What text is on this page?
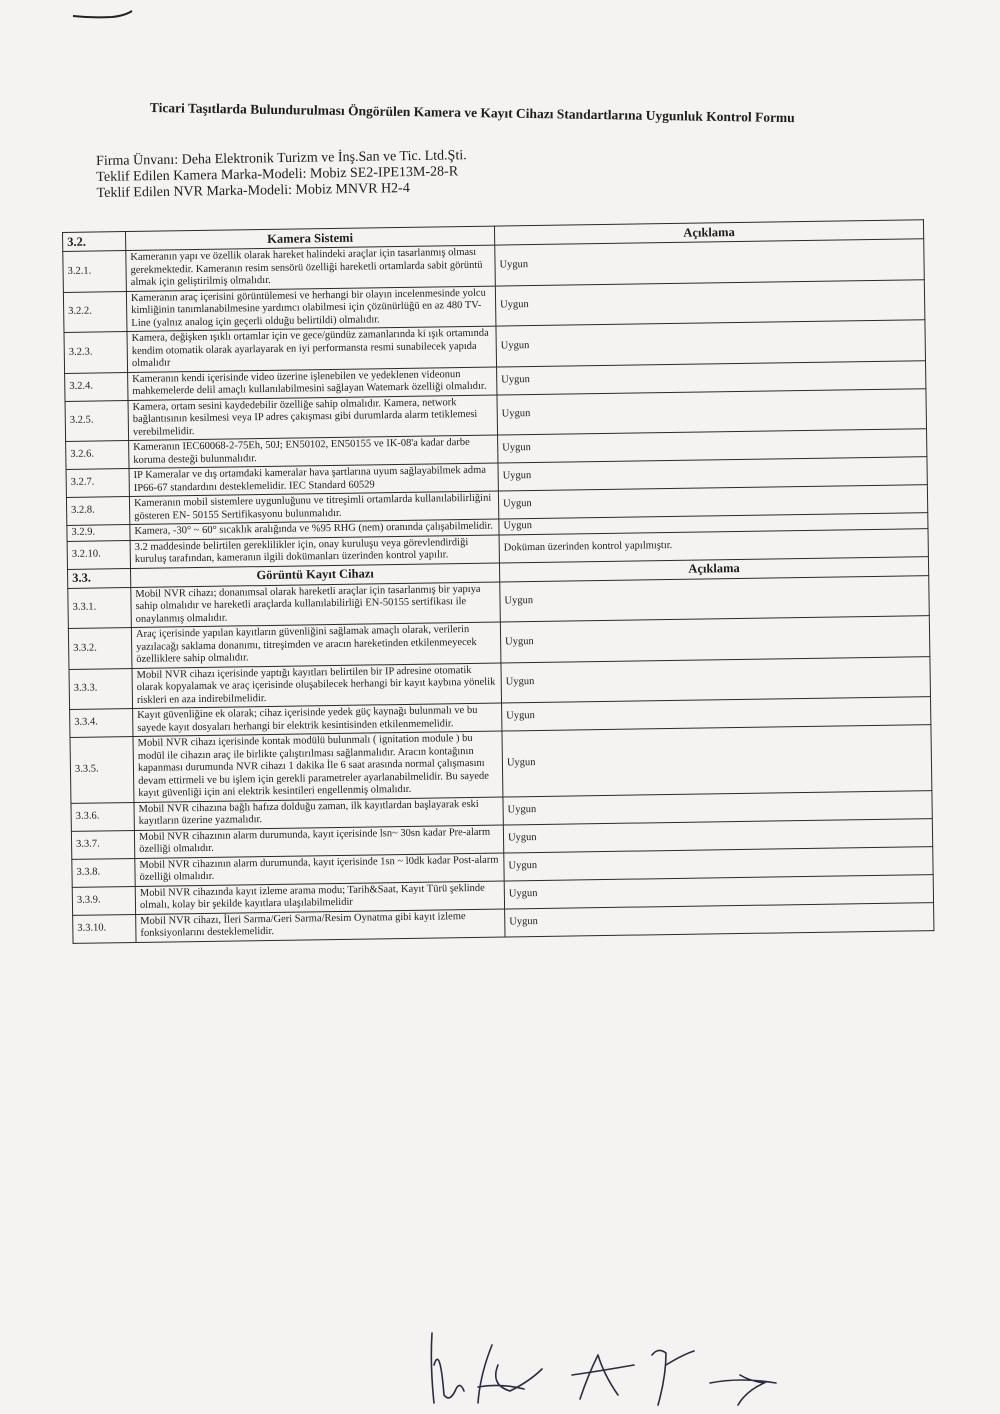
Ticari Taşıtlarda Bulundurulması Öngörülen Kamera ve Kayıt Cihazı Standartlarına Uygunluk Kontrol Formu
Firma Ünvanı: Deha Elektronik Turizm ve İnş.San ve Tic. Ltd.Şti.
Teklif Edilen Kamera Marka-Modeli: Mobiz SE2-IPE13M-28-R
Teklif Edilen NVR Marka-Modeli: Mobiz MNVR H2-4
3.2.	Kamera Sistemi	Açıklama
3.2.1.	Kameranın yapı ve özellik olarak hareket halindeki araçlar için tasarlanmış olması gerekmektedir. Kameranın resim sensörü özelliği hareketli ortamlarda sabit görüntü almak için geliştirilmiş olmalıdır.	Uygun
3.2.2.	Kameranın araç içerisini görüntülemesi ve herhangi bir olayın incelenmesinde yolcu kimliğinin tanımlanabilmesine yardımcı olabilmesi için çözünürlüğü en az 480 TV-Line (yalnız analog için geçerli olduğu belirtildi) olmalıdır.	Uygun
3.2.3.	Kamera, değişken ışıklı ortamlar için ve gece/gündüz zamanlarında ki ışık ortamında kendim otomatik olarak ayarlayarak en iyi performansta resmi sunabilecek yapıda olmalıdır	Uygun
3.2.4.	Kameranın kendi içerisinde video üzerine işlenebilen ve yedeklenen videonun mahkemelerde delil amaçlı kullanılabilmesini sağlayan Watemark özelliği olmalıdır.	Uygun
3.2.5.	Kamera, ortam sesini kaydedebilir özelliğe sahip olmalıdır. Kamera, network bağlantısının kesilmesi veya IP adres çakışması gibi durumlarda alarm tetiklemesi verebilmelidir.	Uygun
3.2.6.	Kameranın IEC60068-2-75Eh, 50J; EN50102, EN50155 ve IK-08'a kadar darbe koruma desteği bulunmalıdır.	Uygun
3.2.7.	IP Kameralar ve dış ortamdaki kameralar hava şartlarına uyum sağlayabilmek adma IP66-67 standardını desteklemelidir. IEC Standard 60529	Uygun
3.2.8.	Kameranın mobil sistemlere uygunluğunu ve titreşimli ortamlarda kullanılabilirliğini gösteren EN- 50155 Sertifikasyonu bulunmalıdır.	Uygun
3.2.9.	Kamera, -30° ~ 60° sıcaklık aralığında ve %95 RHG (nem) oranında çalışabilmelidir.	Uygun
3.2.10.	3.2 maddesinde belirtilen gereklilikler için, onay kuruluşu veya görevlendirdiği kuruluş tarafından, kameranın ilgili dokümanları üzerinden kontrol yapılır.	Doküman üzerinden kontrol yapılmıştır.
3.3.	Görüntü Kayıt Cihazı	Açıklama
3.3.1.	Mobil NVR cihazı; donanımsal olarak hareketli araçlar için tasarlanmış bir yapıya sahip olmalıdır ve hareketli araçlarda kullanılabilirliği EN-50155 sertifikası ile onaylanmış olmalıdır.	Uygun
3.3.2.	Araç içerisinde yapılan kayıtların güvenliğini sağlamak amaçlı olarak, verilerin yazılacağı saklama donanımı, titreşimden ve aracın hareketinden etkilenmeyecek özelliklere sahip olmalıdır.	Uygun
3.3.3.	Mobil NVR cihazı içerisinde yaptığı kayıtları belirtilen bir IP adresine otomatik olarak kopyalamak ve araç içerisinde oluşabilecek herhangi bir kayıt kaybına yönelik riskleri en aza indirebilmelidir.	Uygun
3.3.4.	Kayıt güvenliğine ek olarak; cihaz içerisinde yedek güç kaynağı bulunmalı ve bu sayede kayıt dosyaları herhangi bir elektrik kesintisinden etkilenmemelidir.	Uygun
3.3.5.	Mobil NVR cihazı içerisinde kontak modülü bulunmalı ( ignitation module ) bu modül ile cihazın araç ile birlikte çalıştırılması sağlanmalıdır. Aracın kontağının kapanması durumunda NVR cihazı 1 dakika İle 6 saat arasında normal çalışmasını devam ettirmeli ve bu işlem için gerekli parametreler ayarlanabilmelidir. Bu sayede kayıt güvenliği için ani elektrik kesintileri engellenmiş olmalıdır.	Uygun
3.3.6.	Mobil NVR cihazına bağlı hafıza dolduğu zaman, ilk kayıtlardan başlayarak eski kayıtların üzerine yazmalıdır.	Uygun
3.3.7.	Mobil NVR cihazının alarm durumunda, kayıt içerisinde lsn~ 30sn kadar Pre-alarm özelliği olmalıdır.	Uygun
3.3.8.	Mobil NVR cihazının alarm durumunda, kayıt içerisinde 1sn ~ l0dk kadar Post-alarm özelliği olmalıdır.	Uygun
3.3.9.	Mobil NVR cihazında kayıt izleme arama modu; Tarih&Saat, Kayıt Türü şeklinde olmalı, kolay bir şekilde kayıtlara ulaşılabilmelidir	Uygun
3.3.10.	Mobil NVR cihazı, İleri Sarma/Geri Sarma/Resim Oynatma gibi kayıt izleme fonksiyonlarını desteklemelidir.	Uygun
